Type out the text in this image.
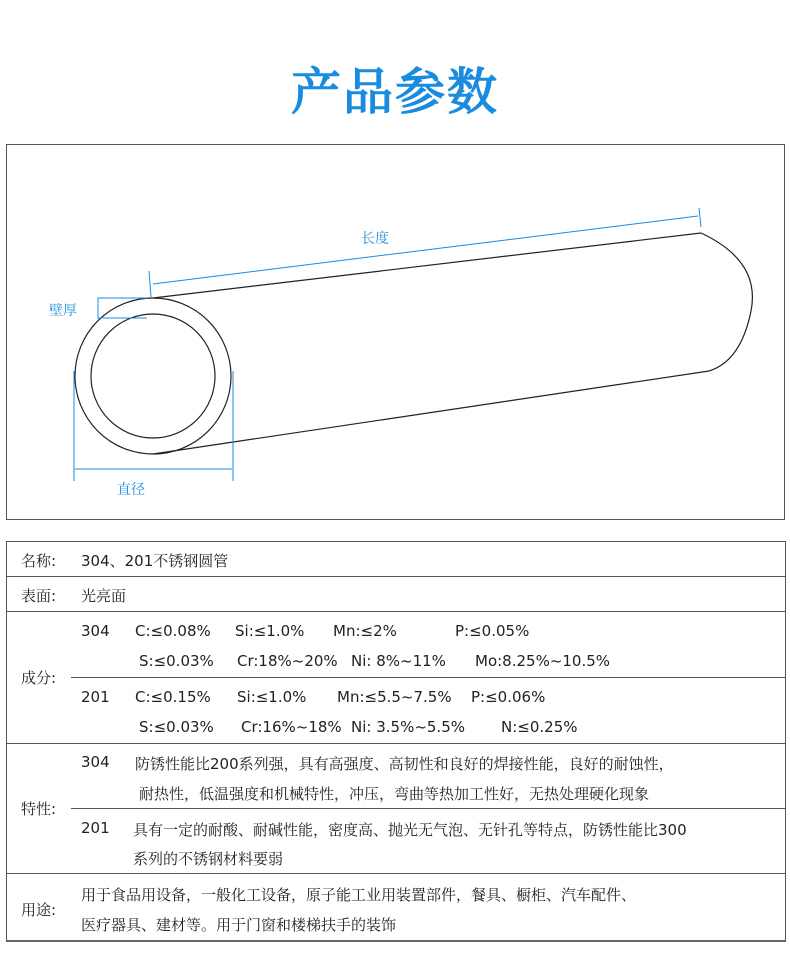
产品参数
长度
壁厚
直径
名称: 304、201不锈钢圆管
表面: 光亮面
成分:
304 C:≤0.08% Si:≤1.0% Mn:≤2%	P:≤0.05%
S:≤0.03% Cr:18%~20% Ni: 8%~11% Mo:8.25%~10.5%
201 C:≤0.15% Si:≤1.0% Mn:≤5.5~7.5% P:≤0.06%
S:≤0.03% Cr:16%~18% Ni: 3.5%~5.5% N:≤0.25%
特性:
304 防锈性能比200系列强，具有高强度、高韧性和良好的焊接性能，良好的耐蚀性，
耐热性，低温强度和机械特性，冲压，弯曲等热加工性好，无热处理硬化现象
201 具有一定的耐酸、耐碱性能，密度高、抛光无气泡、无针孔等特点，防锈性能比300
系列的不锈钢材料要弱
用途:
用于食品用设备，一般化工设备，原子能工业用装置部件，餐具、橱柜、汽车配件、
医疗器具、建材等。用于门窗和楼梯扶手的装饰
